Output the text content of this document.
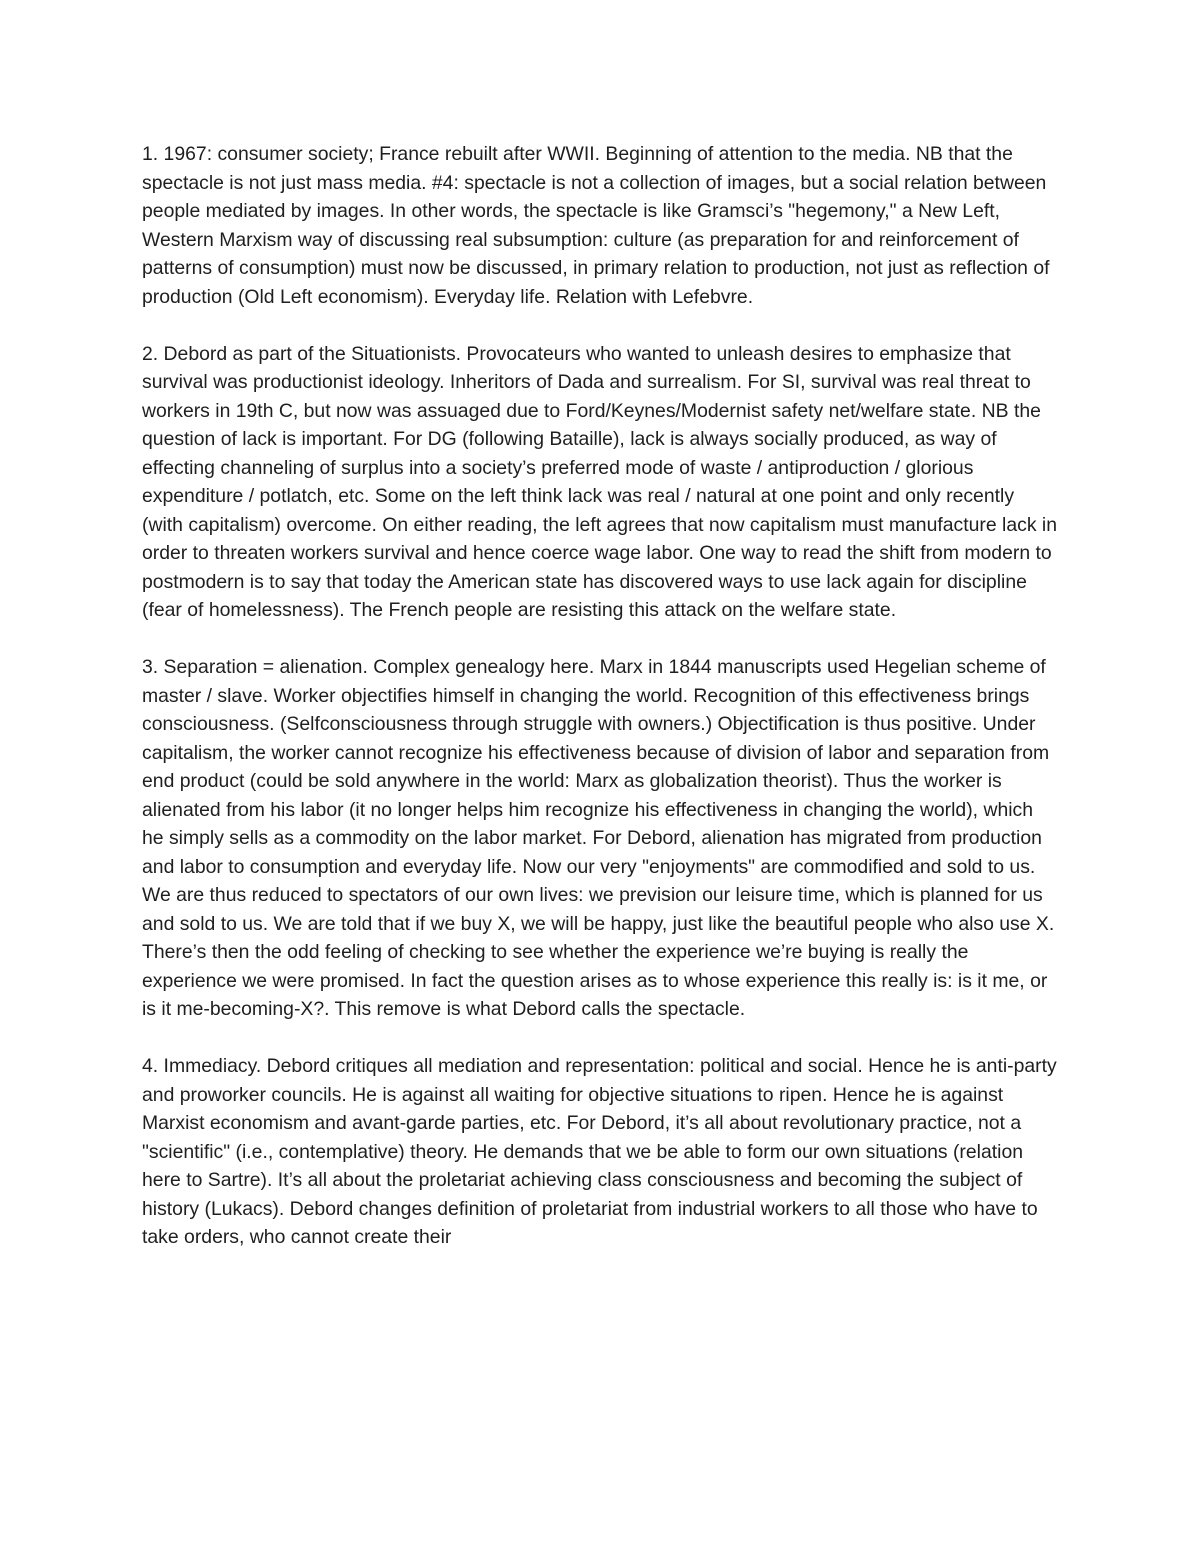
1. 1967: consumer society; France rebuilt after WWII. Beginning of attention to the media. NB that the spectacle is not just mass media. #4: spectacle is not a collection of images, but a social relation between people mediated by images. In other words, the spectacle is like Gramsci’s "hegemony," a New Left, Western Marxism way of discussing real subsumption: culture (as preparation for and reinforcement of patterns of consumption) must now be discussed, in primary relation to production, not just as reflection of production (Old Left economism). Everyday life. Relation with Lefebvre.

2. Debord as part of the Situationists. Provocateurs who wanted to unleash desires to emphasize that survival was productionist ideology. Inheritors of Dada and surrealism. For SI, survival was real threat to workers in 19th C, but now was assuaged due to Ford/Keynes/Modernist safety net/welfare state. NB the question of lack is important. For DG (following Bataille), lack is always socially produced, as way of effecting channeling of surplus into a society’s preferred mode of waste / antiproduction / glorious expenditure / potlatch, etc. Some on the left think lack was real / natural at one point and only recently (with capitalism) overcome. On either reading, the left agrees that now capitalism must manufacture lack in order to threaten workers survival and hence coerce wage labor. One way to read the shift from modern to postmodern is to say that today the American state has discovered ways to use lack again for discipline (fear of homelessness). The French people are resisting this attack on the welfare state.

3. Separation = alienation. Complex genealogy here. Marx in 1844 manuscripts used Hegelian scheme of master / slave. Worker objectifies himself in changing the world. Recognition of this effectiveness brings consciousness. (Selfconsciousness through struggle with owners.) Objectification is thus positive. Under capitalism, the worker cannot recognize his effectiveness because of division of labor and separation from end product (could be sold anywhere in the world: Marx as globalization theorist). Thus the worker is alienated from his labor (it no longer helps him recognize his effectiveness in changing the world), which he simply sells as a commodity on the labor market. For Debord, alienation has migrated from production and labor to consumption and everyday life. Now our very "enjoyments" are commodified and sold to us. We are thus reduced to spectators of our own lives: we prevision our leisure time, which is planned for us and sold to us. We are told that if we buy X, we will be happy, just like the beautiful people who also use X. There’s then the odd feeling of checking to see whether the experience we’re buying is really the experience we were promised. In fact the question arises as to whose experience this really is: is it me, or is it me-becoming-X?. This remove is what Debord calls the spectacle.

4. Immediacy. Debord critiques all mediation and representation: political and social. Hence he is anti-party and proworker councils. He is against all waiting for objective situations to ripen. Hence he is against Marxist economism and avant-garde parties, etc. For Debord, it’s all about revolutionary practice, not a "scientific" (i.e., contemplative) theory. He demands that we be able to form our own situations (relation here to Sartre). It’s all about the proletariat achieving class consciousness and becoming the subject of history (Lukacs). Debord changes definition of proletariat from industrial workers to all those who have to take orders, who cannot create their
